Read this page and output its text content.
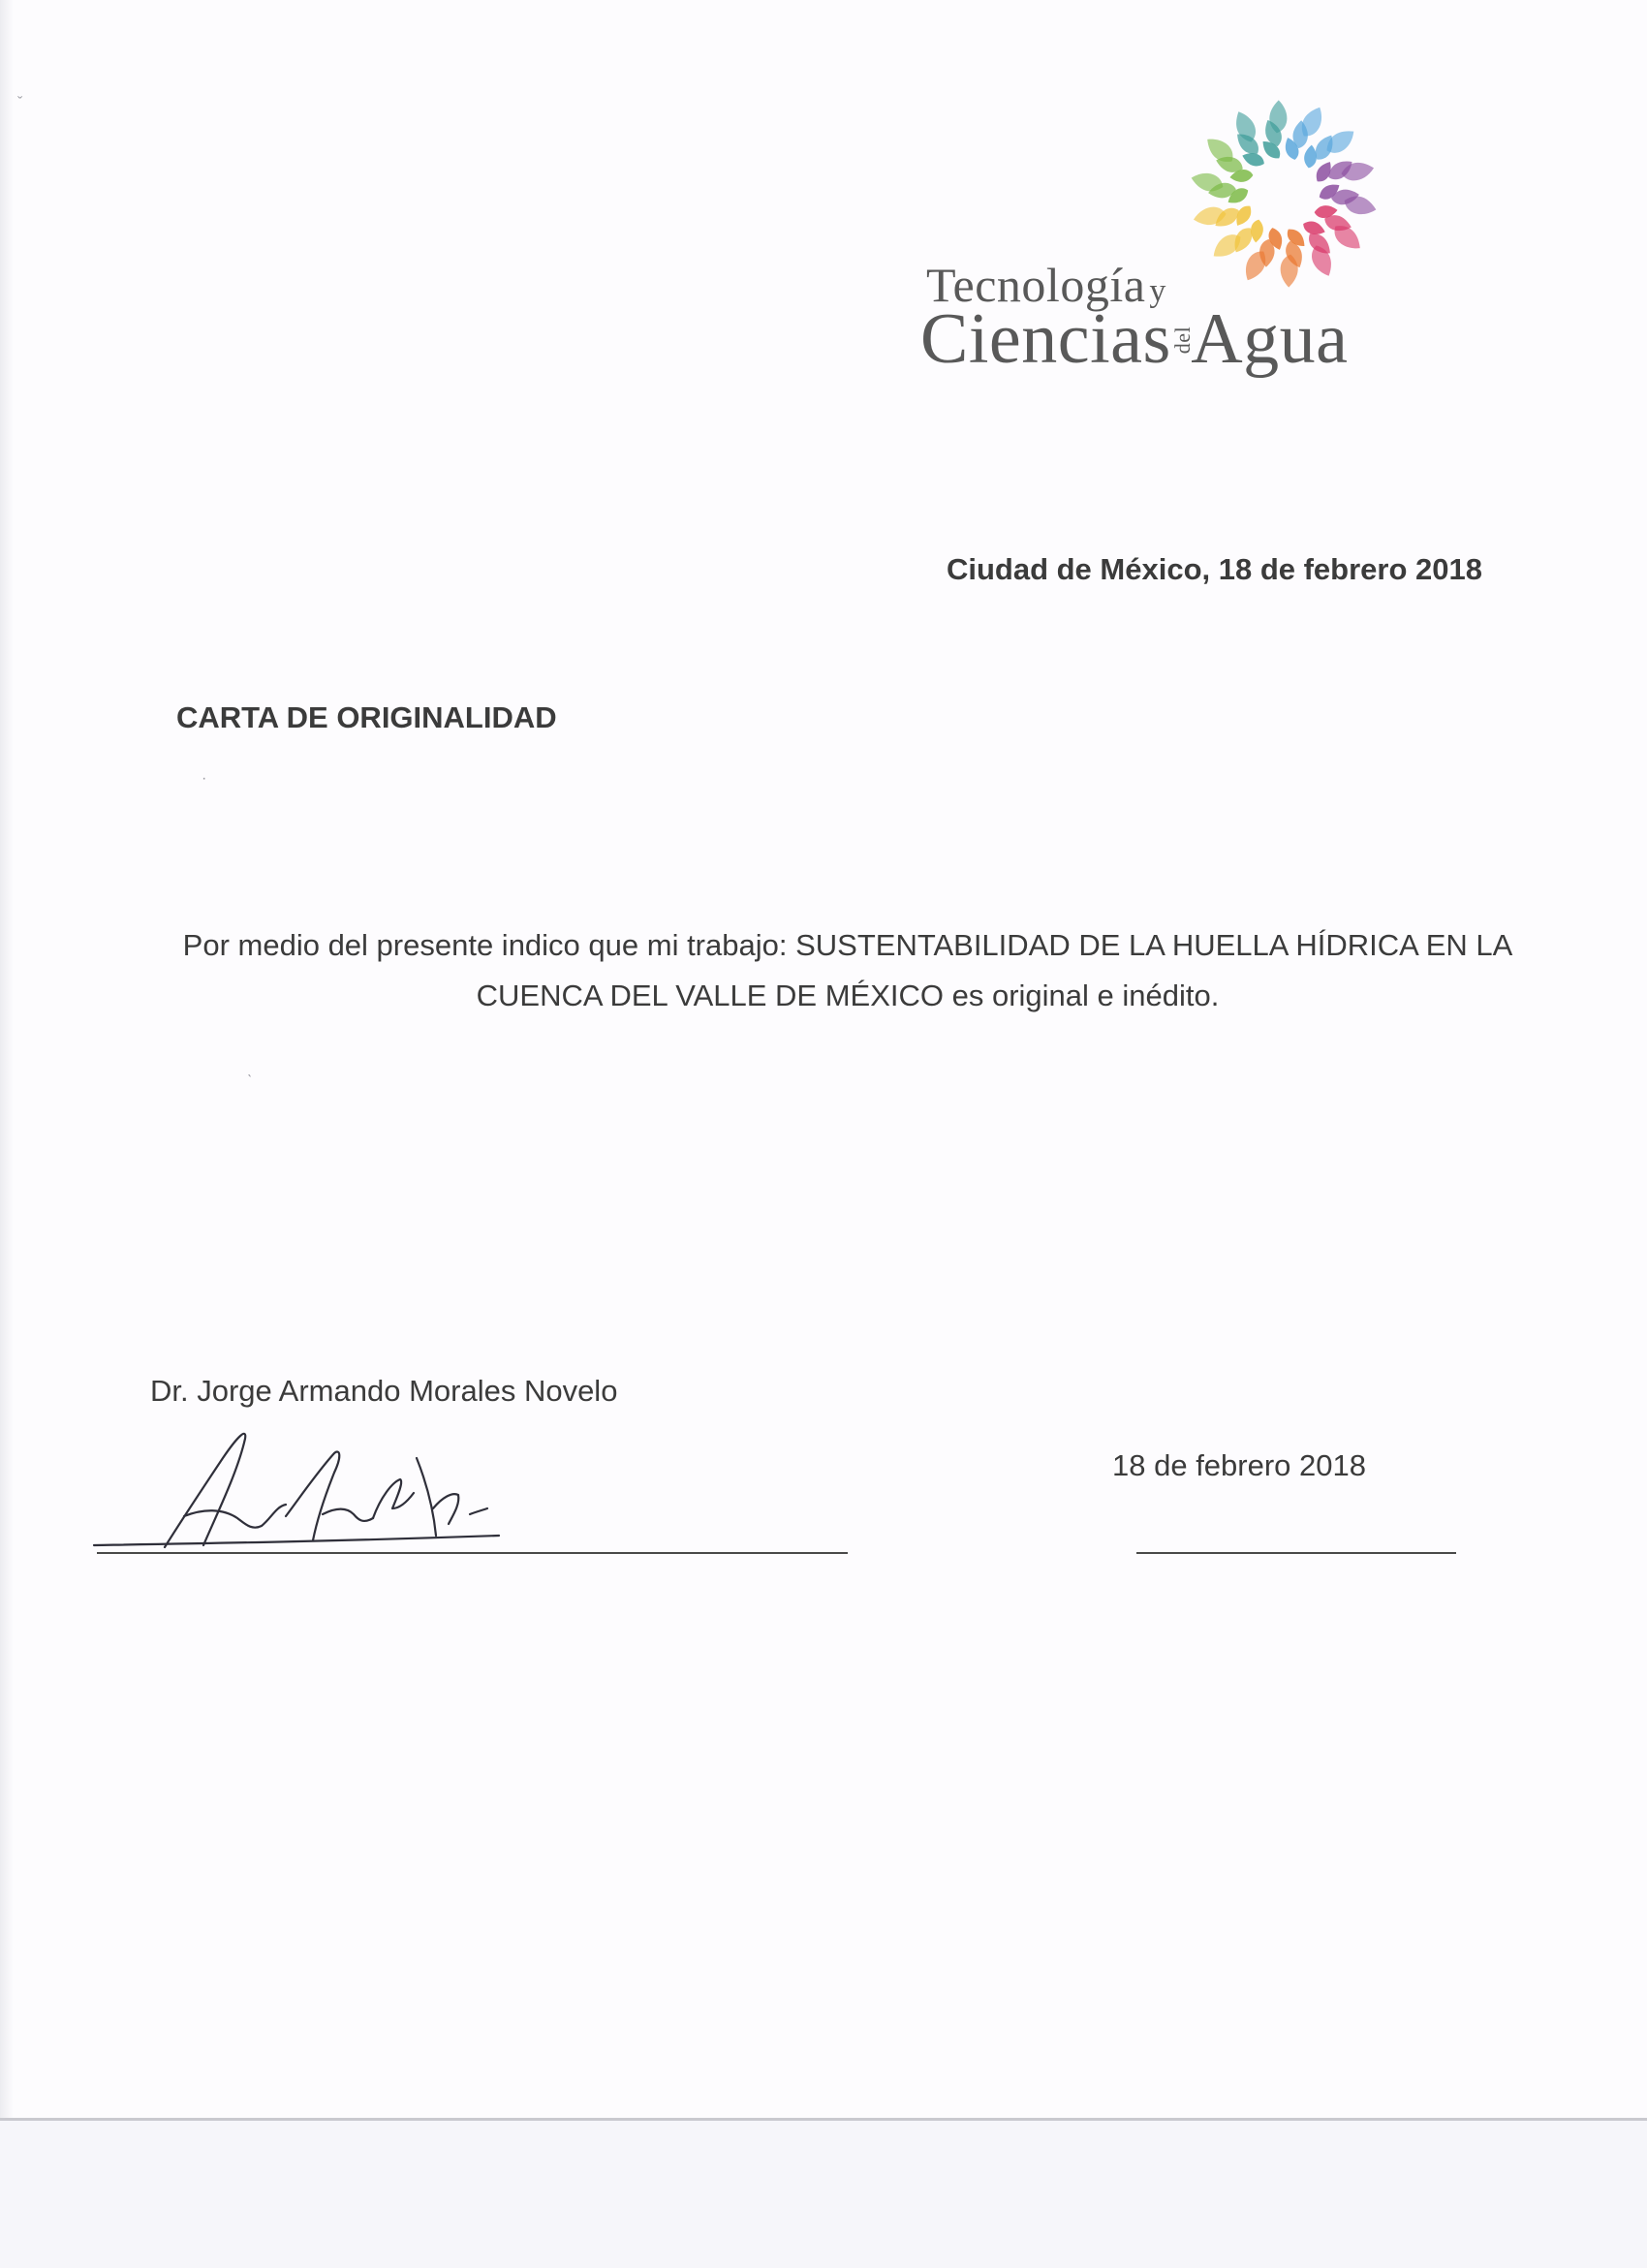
ˇ
·
ˋ
Tecnología y
CienciasdelAgua
Ciudad de México, 18 de febrero 2018
CARTA DE ORIGINALIDAD
Por medio del presente indico que mi trabajo: SUSTENTABILIDAD DE LA HUELLA HÍDRICA EN LA
CUENCA DEL VALLE DE MÉXICO es original e inédito.
Dr. Jorge Armando Morales Novelo
18 de febrero 2018
